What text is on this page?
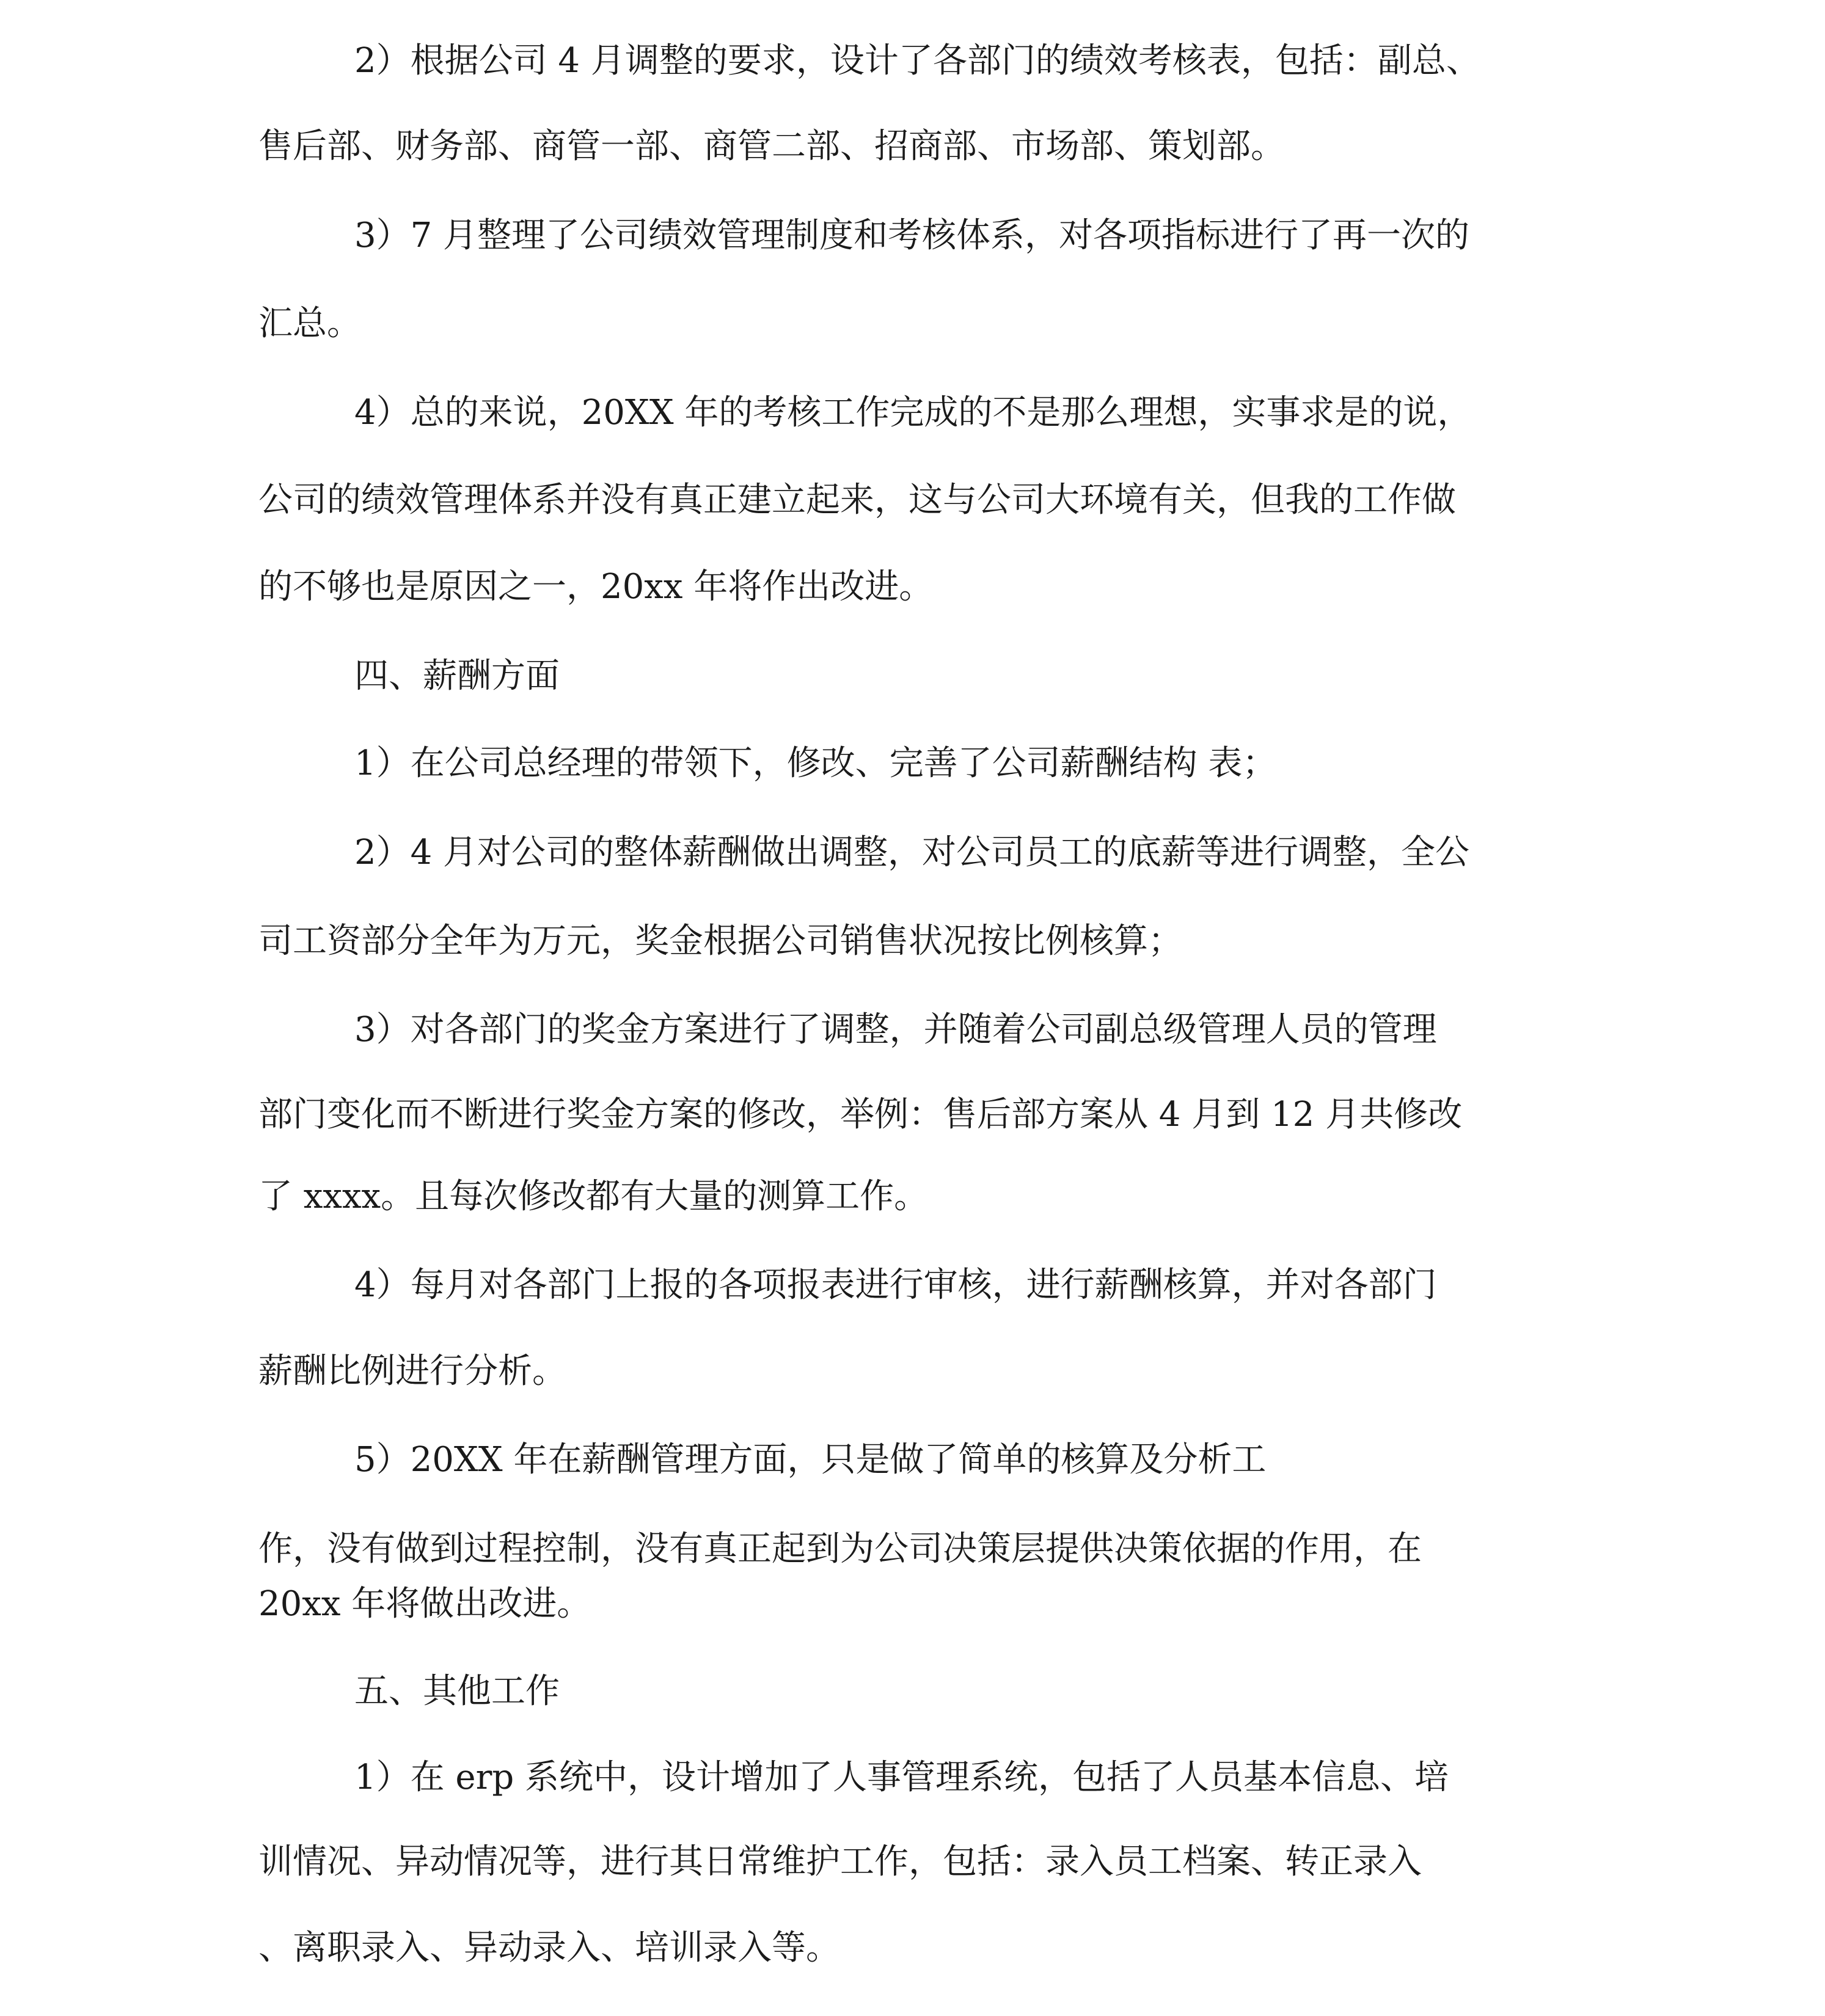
2）根据公司 4 月调整的要求，设计了各部门的绩效考核表，包括：副总、
售后部、财务部、商管一部、商管二部、招商部、市场部、策划部。
3）7 月整理了公司绩效管理制度和考核体系，对各项指标进行了再一次的
汇总。
4）总的来说，20XX 年的考核工作完成的不是那么理想，实事求是的说，
公司的绩效管理体系并没有真正建立起来，这与公司大环境有关，但我的工作做
的不够也是原因之一，20xx 年将作出改进。
四、薪酬方面
1）在公司总经理的带领下，修改、完善了公司薪酬结构 表；
2）4 月对公司的整体薪酬做出调整，对公司员工的底薪等进行调整，全公
司工资部分全年为万元，奖金根据公司销售状况按比例核算；
3）对各部门的奖金方案进行了调整，并随着公司副总级管理人员的管理
部门变化而不断进行奖金方案的修改，举例：售后部方案从 4 月到 12 月共修改
了 xxxx。且每次修改都有大量的测算工作。
4）每月对各部门上报的各项报表进行审核，进行薪酬核算，并对各部门
薪酬比例进行分析。
5）20XX 年在薪酬管理方面，只是做了简单的核算及分析工
作，没有做到过程控制，没有真正起到为公司决策层提供决策依据的作用，在
20xx 年将做出改进。
五、其他工作
1）在 erp 系统中，设计增加了人事管理系统，包括了人员基本信息、培
训情况、异动情况等，进行其日常维护工作，包括：录入员工档案、转正录入
、离职录入、异动录入、培训录入等。
